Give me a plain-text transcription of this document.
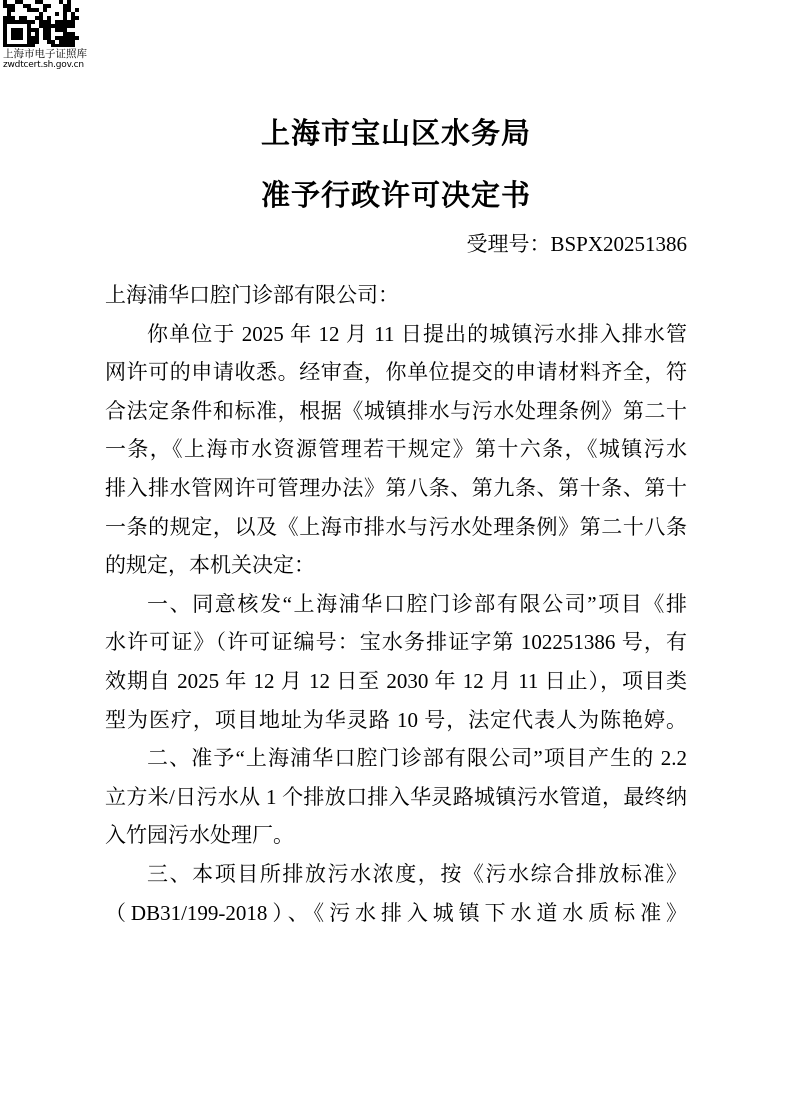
上海市电子证照库
zwdtcert.sh.gov.cn
上海市宝山区水务局
准予行政许可决定书
受理号：BSPX20251386
上海浦华口腔门诊部有限公司：
你单位于 2025 年 12 月 11 日提出的城镇污水排入排水管
网许可的申请收悉。经审查，你单位提交的申请材料齐全，符
合法定条件和标准，根据《城镇排水与污水处理条例》第二十
一条，《上海市水资源管理若干规定》第十六条，《城镇污水
排入排水管网许可管理办法》第八条、第九条、第十条、第十
一条的规定，以及《上海市排水与污水处理条例》第二十八条
的规定，本机关决定：
一、同意核发“上海浦华口腔门诊部有限公司”项目《排
水许可证》（许可证编号：宝水务排证字第 102251386 号，有
效期自 2025 年 12 月 12 日至 2030 年 12 月 11 日止），项目类
型为医疗，项目地址为华灵路 10 号，法定代表人为陈艳婷。
二、准予“上海浦华口腔门诊部有限公司”项目产生的 2.2
立方米/日污水从 1 个排放口排入华灵路城镇污水管道，最终纳
入竹园污水处理厂。
三、本项目所排放污水浓度，按《污水综合排放标准》
（DB31/199-2018）、《污水排入城镇下水道水质标准》
